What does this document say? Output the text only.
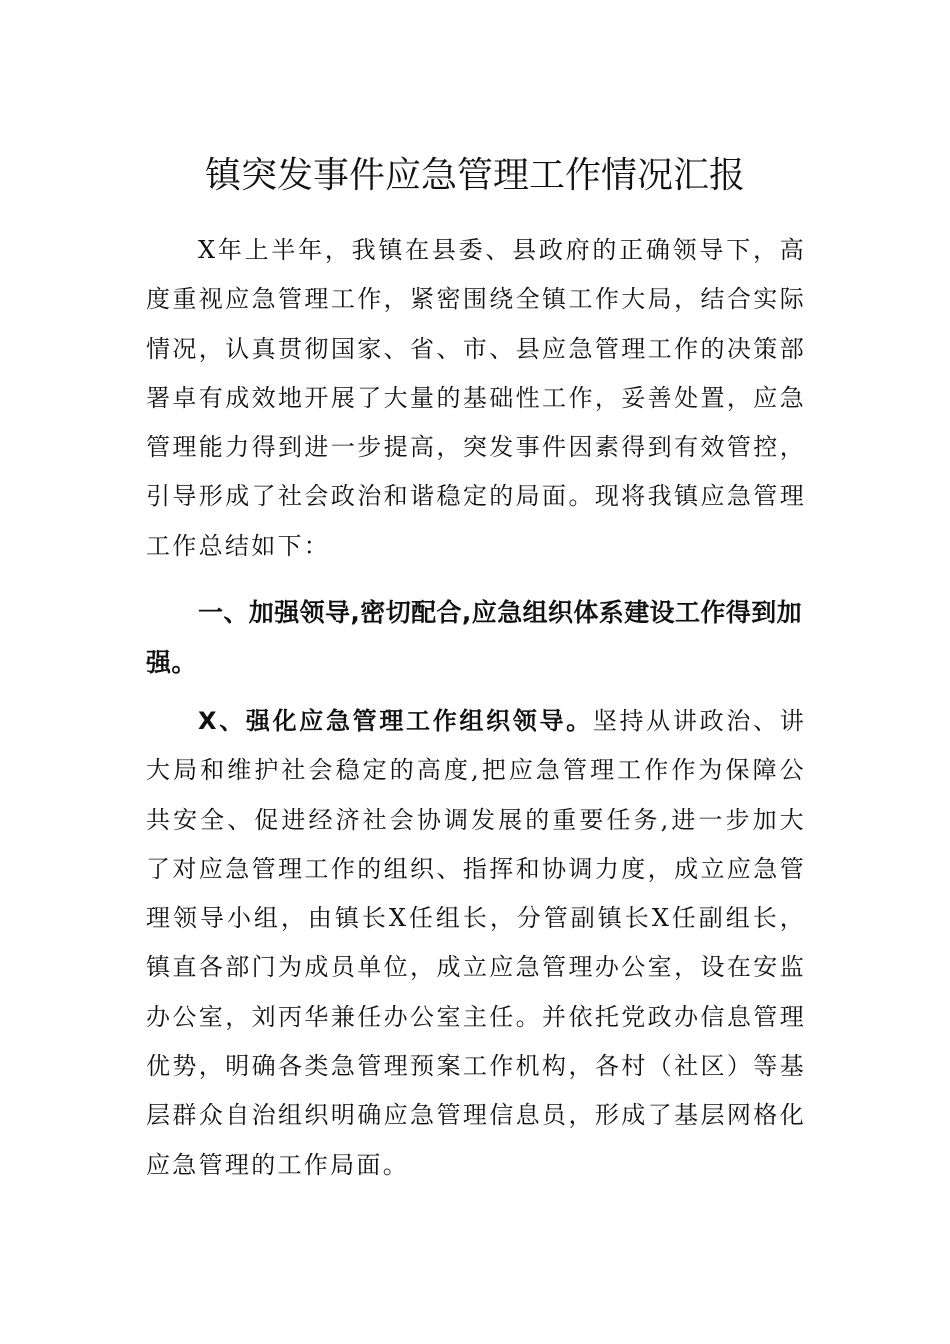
镇突发事件应急管理工作情况汇报

X年上半年，我镇在县委、县政府的正确领导下，高度重视应急管理工作，紧密围绕全镇工作大局，结合实际情况，认真贯彻国家、省、市、县应急管理工作的决策部署卓有成效地开展了大量的基础性工作，妥善处置，应急管理能力得到进一步提高，突发事件因素得到有效管控，引导形成了社会政治和谐稳定的局面。现将我镇应急管理工作总结如下：

一、加强领导,密切配合,应急组织体系建设工作得到加强。

X、强化应急管理工作组织领导。坚持从讲政治、讲大局和维护社会稳定的高度,把应急管理工作作为保障公共安全、促进经济社会协调发展的重要任务,进一步加大了对应急管理工作的组织、指挥和协调力度，成立应急管理领导小组，由镇长X任组长，分管副镇长X任副组长，镇直各部门为成员单位，成立应急管理办公室，设在安监办公室，刘丙华兼任办公室主任。并依托党政办信息管理优势，明确各类急管理预案工作机构，各村（社区）等基层群众自治组织明确应急管理信息员，形成了基层网格化应急管理的工作局面。
